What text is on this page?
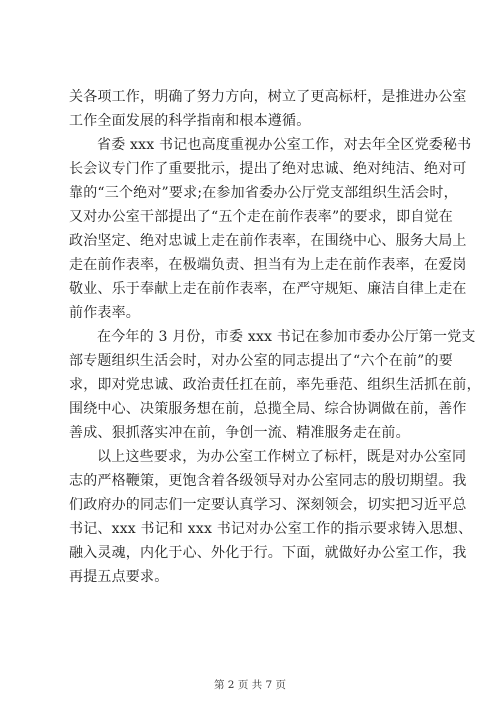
关各项工作，明确了努力方向，树立了更高标杆，是推进办公室
工作全面发展的科学指南和根本遵循。

省委 xxx 书记也高度重视办公室工作，对去年全区党委秘书
长会议专门作了重要批示，提出了绝对忠诚、绝对纯洁、绝对可
靠的“三个绝对”要求;在参加省委办公厅党支部组织生活会时，
又对办公室干部提出了“五个走在前作表率”的要求，即自觉在
政治坚定、绝对忠诚上走在前作表率，在围绕中心、服务大局上
走在前作表率，在极端负责、担当有为上走在前作表率，在爱岗
敬业、乐于奉献上走在前作表率，在严守规矩、廉洁自律上走在
前作表率。

在今年的 3 月份，市委 xxx 书记在参加市委办公厅第一党支
部专题组织生活会时，对办公室的同志提出了“六个在前”的要
求，即对党忠诚、政治责任扛在前，率先垂范、组织生活抓在前，
围绕中心、决策服务想在前，总揽全局、综合协调做在前，善作
善成、狠抓落实冲在前，争创一流、精准服务走在前。

以上这些要求，为办公室工作树立了标杆，既是对办公室同
志的严格鞭策，更饱含着各级领导对办公室同志的殷切期望。我
们政府办的同志们一定要认真学习、深刻领会，切实把习近平总
书记、xxx 书记和 xxx 书记对办公室工作的指示要求铸入思想、
融入灵魂，内化于心、外化于行。下面，就做好办公室工作，我
再提五点要求。

第 2 页 共 7 页
